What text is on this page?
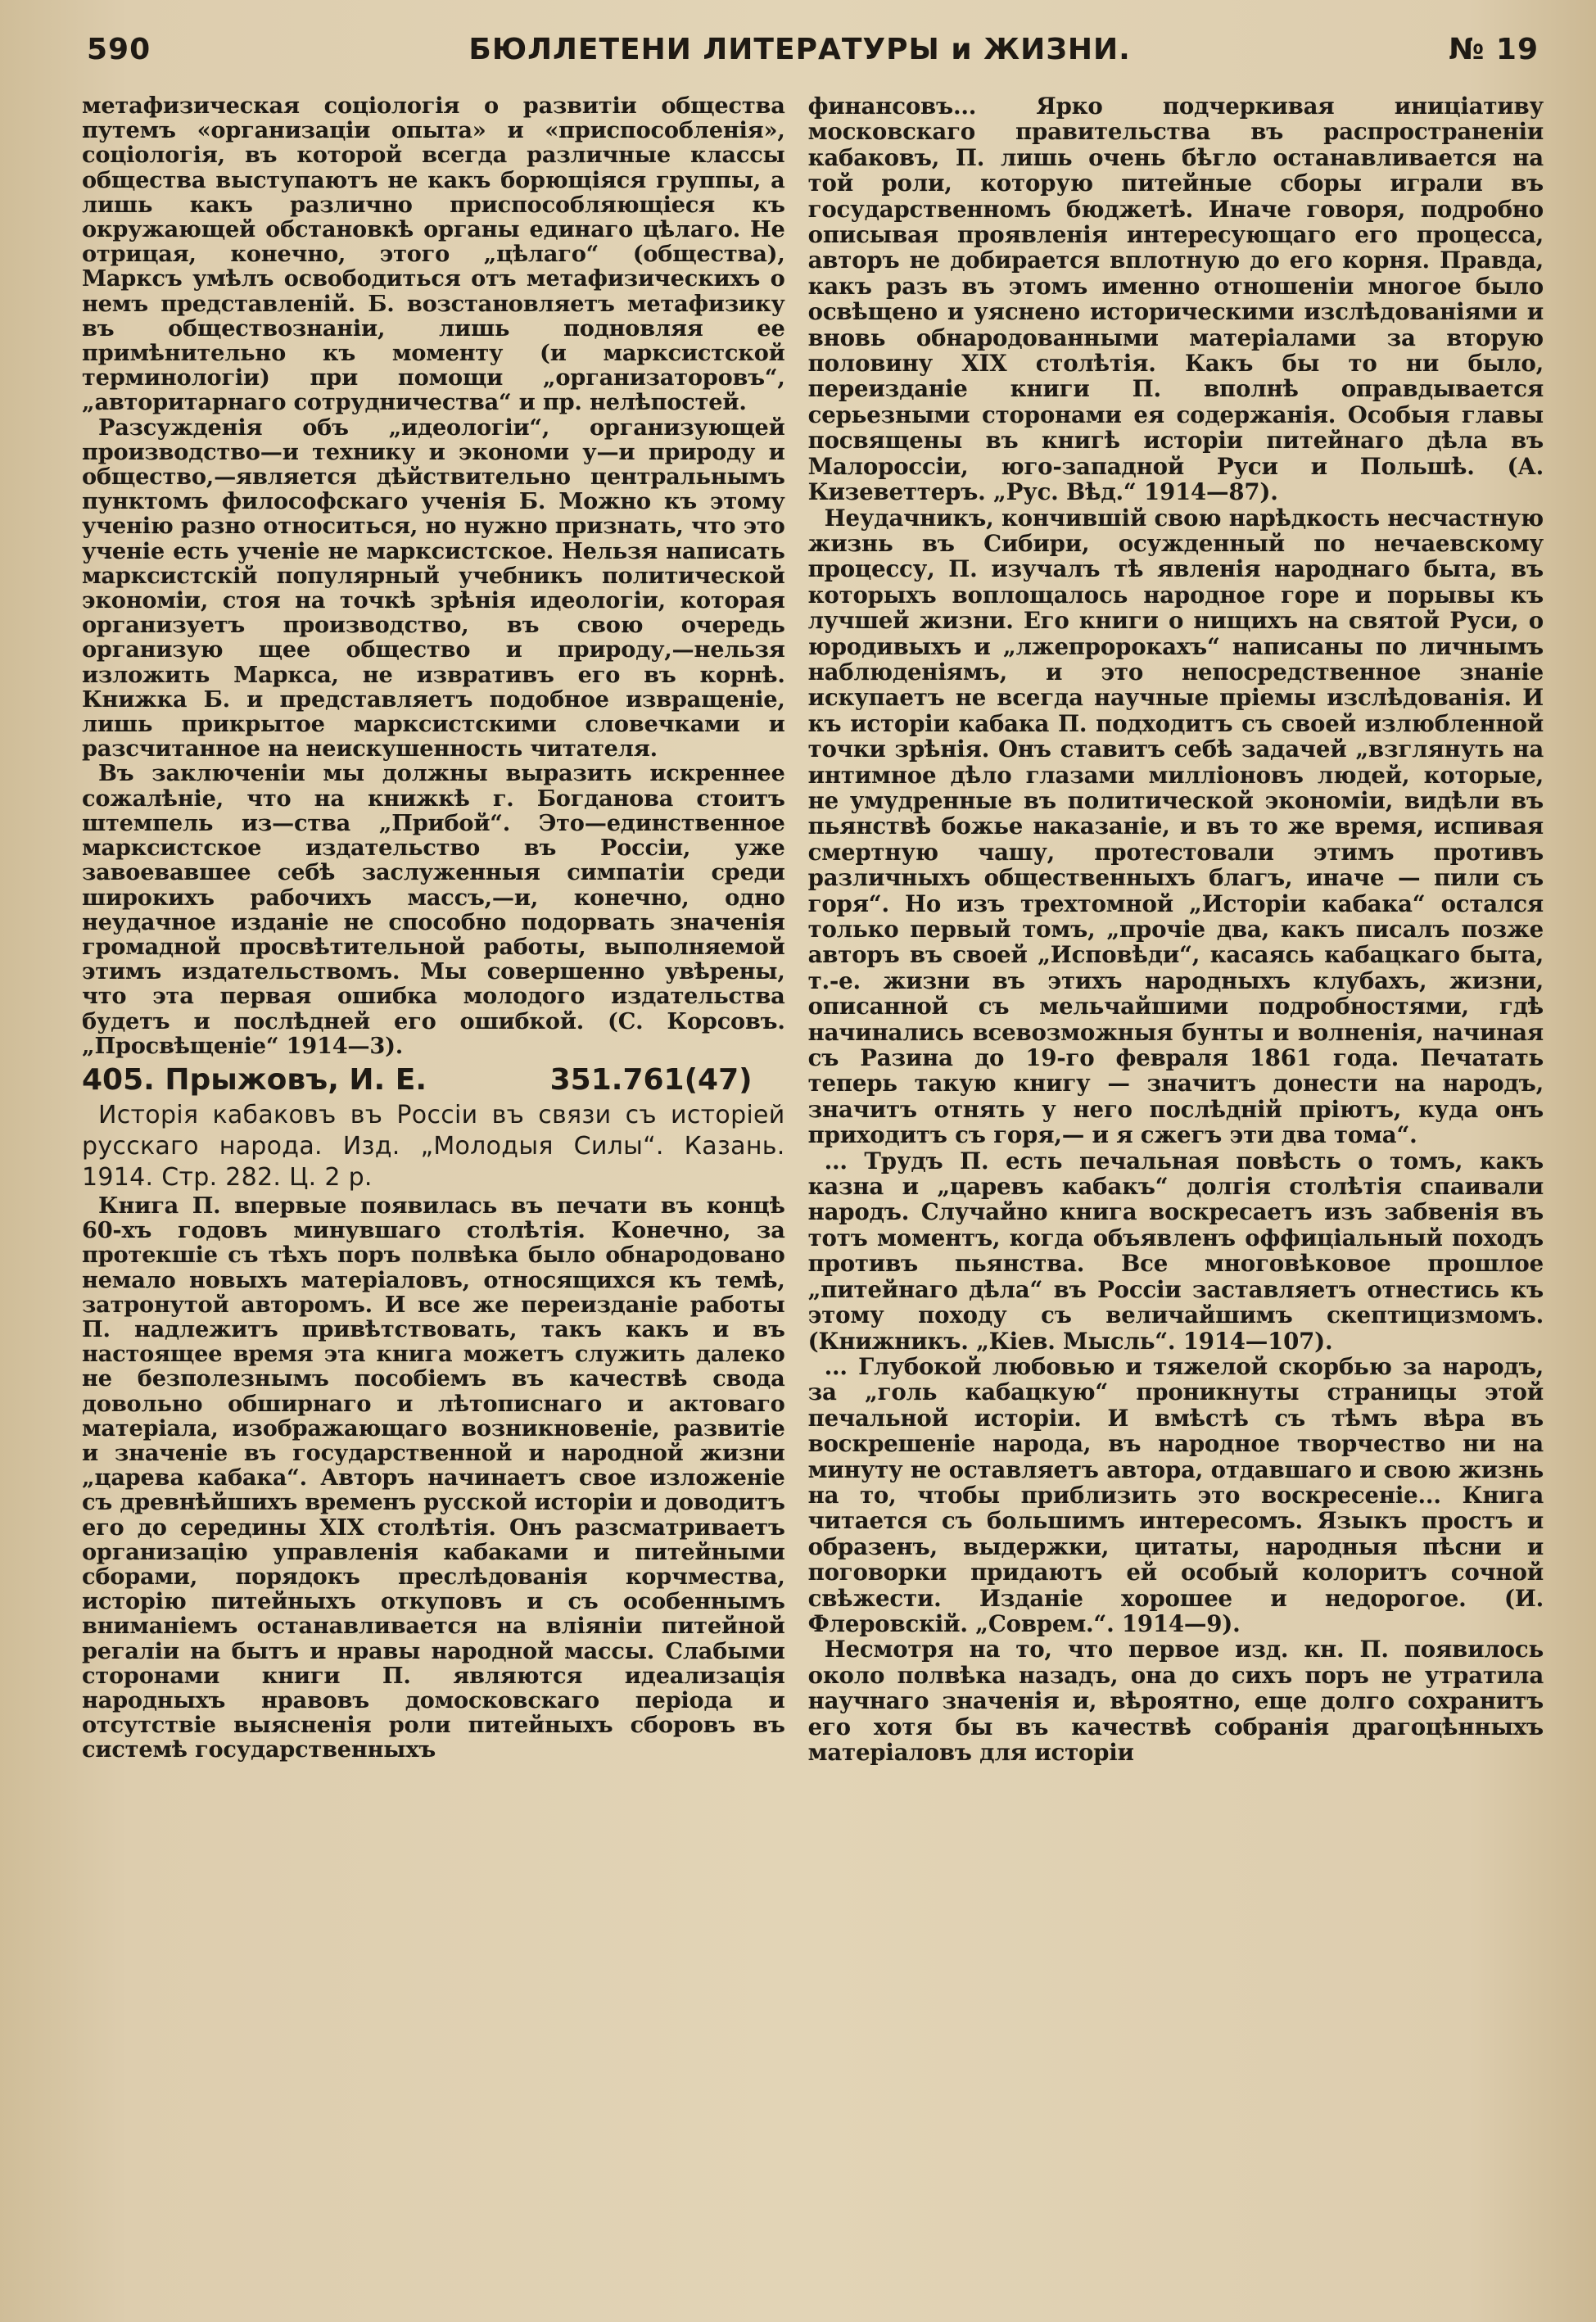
590	БЮЛЛЕТЕНИ ЛИТЕРАТУРЫ и ЖИЗНИ.	№ 19

метафизическая соціологія о развитіи общества путемъ «организаціи опыта» и «приспособленія», соціологія, въ которой всегда различные классы общества выступаютъ не какъ борющіяся группы, а лишь какъ различно приспособляющіеся къ окружающей обстановкѣ органы единаго цѣлаго. Не отрицая, конечно, этого „цѣлаго“ (общества), Марксъ умѣлъ освободиться отъ метафизическихъ о немъ представленій. Б. возстановляетъ метафизику въ обществознаніи, лишь подновляя ее примѣнительно къ моменту (и марксистской терминологіи) при помощи „организаторовъ“, „авторитарнаго сотрудничества“ и пр. нелѣпостей.

Разсужденія объ „идеологіи“, организующей производство—и технику и экономи у—и природу и общество,—является дѣйствительно центральнымъ пунктомъ философскаго ученія Б. Можно къ этому ученію разно относиться, но нужно признать, что это ученіе есть ученіе не марксистское. Нельзя написать марксистскій популярный учебникъ политической экономіи, стоя на точкѣ зрѣнія идеологіи, которая организуетъ производство, въ свою очередь организую щее общество и природу,—нельзя изложить Маркса, не извративъ его въ корнѣ. Книжка Б. и представляетъ подобное извращеніе, лишь прикрытое марксистскими словечками и разсчитанное на неискушенность читателя.

Въ заключеніи мы должны выразить искреннее сожалѣніе, что на книжкѣ г. Богданова стоитъ штемпель из—ства „Прибой“. Это—единственное марксистское издательство въ Россіи, уже завоевавшее себѣ заслуженныя симпатіи среди широкихъ рабочихъ массъ,—и, конечно, одно неудачное изданіе не способно подорвать значенія громадной просвѣтительной работы, выполняемой этимъ издательствомъ. Мы совершенно увѣрены, что эта первая ошибка молодого издательства будетъ и послѣдней его ошибкой. (С. Корсовъ. „Просвѣщеніе“ 1914—3).

405. Прыжовъ, И. Е.	351.761(47)

Исторія кабаковъ въ Россіи въ связи съ исторіей русскаго народа. Изд. „Молодыя Силы“. Казань. 1914. Стр. 282. Ц. 2 р.

Книга П. впервые появилась въ печати въ концѣ 60-хъ годовъ минувшаго столѣтія. Конечно, за протекшіе съ тѣхъ поръ полвѣка было обнародовано немало новыхъ матеріаловъ, относящихся къ темѣ, затронутой авторомъ. И все же переизданіе работы П. надлежитъ привѣтствовать, такъ какъ и въ настоящее время эта книга можетъ служить далеко не безполезнымъ пособіемъ въ качествѣ свода довольно обширнаго и лѣтописнаго и актоваго матеріала, изображающаго возникновеніе, развитіе и значеніе въ государственной и народной жизни „царева кабака“. Авторъ начинаетъ свое изложеніе съ древнѣйшихъ временъ русской исторіи и доводитъ его до середины XIX столѣтія. Онъ разсматриваетъ организацію управленія кабаками и питейными сборами, порядокъ преслѣдованія корчмества, исторію питейныхъ откуповъ и съ особеннымъ вниманіемъ останавливается на вліяніи питейной регаліи на бытъ и нравы народной массы. Слабыми сторонами книги П. являются идеализація народныхъ нравовъ домосковскаго періода и отсутствіе выясненія роли питейныхъ сборовъ въ системѣ государственныхъ

финансовъ... Ярко подчеркивая иниціативу московскаго правительства въ распространеніи кабаковъ, П. лишь очень бѣгло останавливается на той роли, которую питейные сборы играли въ государственномъ бюджетѣ. Иначе говоря, подробно описывая проявленія интересующаго его процесса, авторъ не добирается вплотную до его корня. Правда, какъ разъ въ этомъ именно отношеніи многое было освѣщено и уяснено историческими изслѣдованіями и вновь обнародованными матеріалами за вторую половину XIX столѣтія. Какъ бы то ни было, переизданіе книги П. вполнѣ оправдывается серьезными сторонами ея содержанія. Особыя главы посвящены въ книгѣ исторіи питейнаго дѣла въ Малороссіи, юго-западной Руси и Польшѣ. (А. Кизеветтеръ. „Рус. Вѣд.“ 1914—87).

Неудачникъ, кончившій свою нарѣдкость несчастную жизнь въ Сибири, осужденный по нечаевскому процессу, П. изучалъ тѣ явленія народнаго быта, въ которыхъ воплощалось народное горе и порывы къ лучшей жизни. Его книги о нищихъ на святой Руси, о юродивыхъ и „лжепророкахъ“ написаны по личнымъ наблюденіямъ, и это непосредственное знаніе искупаетъ не всегда научные пріемы изслѣдованія. И къ исторіи кабака П. подходитъ съ своей излюбленной точки зрѣнія. Онъ ставитъ себѣ задачей „взглянуть на интимное дѣло глазами милліоновъ людей, которые, не умудренные въ политической экономіи, видѣли въ пьянствѣ божье наказаніе, и въ то же время, испивая смертную чашу, протестовали этимъ противъ различныхъ общественныхъ благъ, иначе — пили съ горя“. Но изъ трехтомной „Исторіи кабака“ остался только первый томъ, „прочіе два, какъ писалъ позже авторъ въ своей „Исповѣди“, касаясь кабацкаго быта, т.-е. жизни въ этихъ народныхъ клубахъ, жизни, описанной съ мельчайшими подробностями, гдѣ начинались всевозможныя бунты и волненія, начиная съ Разина до 19-го февраля 1861 года. Печатать теперь такую книгу — значитъ донести на народъ, значитъ отнять у него послѣдній пріютъ, куда онъ приходитъ съ горя,— и я сжегъ эти два тома“.

... Трудъ П. есть печальная повѣсть о томъ, какъ казна и „царевъ кабакъ“ долгія столѣтія спаивали народъ. Случайно книга воскресаетъ изъ забвенія въ тотъ моментъ, когда объявленъ оффиціальный походъ противъ пьянства. Все многовѣковое прошлое „питейнаго дѣла“ въ Россіи заставляетъ отнестись къ этому походу съ величайшимъ скептицизмомъ. (Книжникъ. „Кіев. Мысль“. 1914—107).

... Глубокой любовью и тяжелой скорбью за народъ, за „голь кабацкую“ проникнуты страницы этой печальной исторіи. И вмѣстѣ съ тѣмъ вѣра въ воскрешеніе народа, въ народное творчество ни на минуту не оставляетъ автора, отдавшаго и свою жизнь на то, чтобы приблизить это воскресеніе... Книга читается съ большимъ интересомъ. Языкъ простъ и образенъ, выдержки, цитаты, народныя пѣсни и поговорки придаютъ ей особый колоритъ сочной свѣжести. Изданіе хорошее и недорогое. (И. Флеровскій. „Соврем.“. 1914—9).

Несмотря на то, что первое изд. кн. П. появилось около полвѣка назадъ, она до сихъ поръ не утратила научнаго значенія и, вѣроятно, еще долго сохранитъ его хотя бы въ качествѣ собранія драгоцѣнныхъ матеріаловъ для исторіи
